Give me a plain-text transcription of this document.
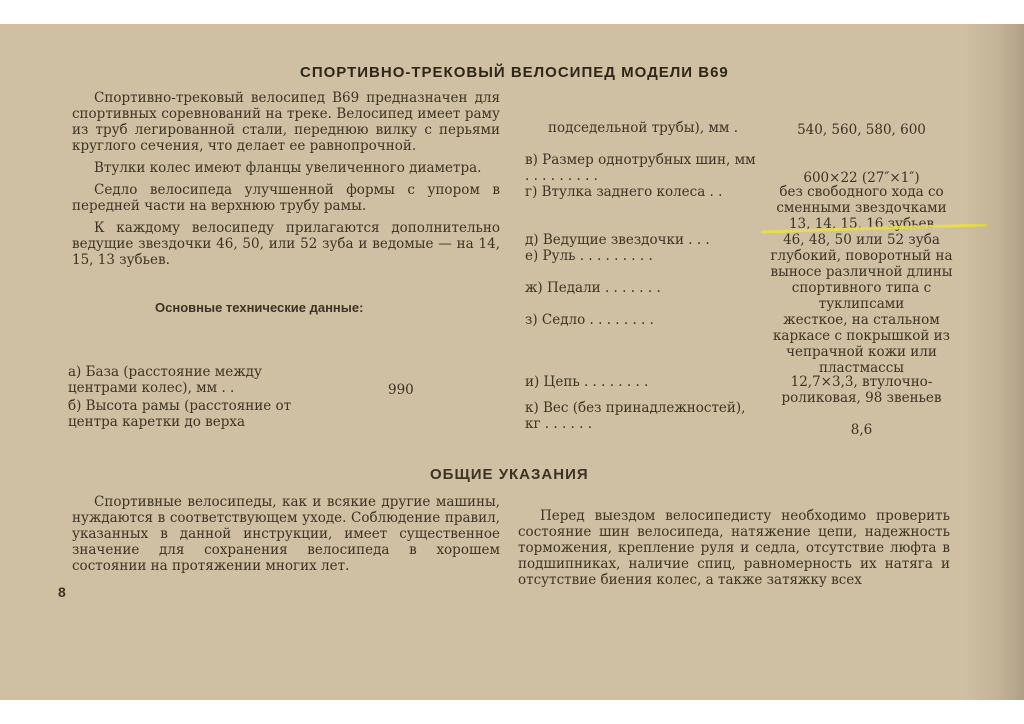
СПОРТИВНО-ТРЕКОВЫЙ ВЕЛОСИПЕД МОДЕЛИ В69

Спортивно-трековый велосипед В69 предназначен для спортивных соревнований на треке. Велосипед имеет раму из труб легированной стали, переднюю вилку с перьями круглого сечения, что делает ее равнопрочной.

Втулки колес имеют фланцы увеличенного диаметра.

Седло велосипеда улучшенной формы с упором в передней части на верхнюю трубу рамы.

К каждому велосипеду прилагаются дополнительно ведущие звездочки 46, 50, или 52 зуба и ведомые — на 14, 15, 13 зубьев.

Основные технические данные:
а) База (расстояние между центрами колес), мм . .	990
б) Высота рамы (расстояние от центра каретки до верха
подседельной трубы), мм .	540, 560, 580, 600
в) Размер однотрубных шин, мм . . . . . . . . .	600×22 (27″×1″)
г) Втулка заднего колеса . .	без свободного хода со сменными звездочками 13, 14, 15, 16 зубьев
д) Ведущие звездочки . . .	46, 48, 50 или 52 зуба
е) Руль . . . . . . . . .	глубокий, поворотный на выносе различной длины
ж) Педали . . . . . . .	спортивного типа с туклипсами
з) Седло . . . . . . . .	жесткое, на стальном каркасе с покрышкой из чепрачной кожи или пластмассы
и) Цепь . . . . . . . .	12,7×3,3, втулочно-роликовая, 98 звеньев
к) Вес (без принадлежностей), кг . . . . . .	8,6
ОБЩИЕ УКАЗАНИЯ

Спортивные велосипеды, как и всякие другие машины, нуждаются в соответствующем уходе. Соблюдение правил, указанных в данной инструкции, имеет существенное значение для сохранения велосипеда в хорошем состоянии на протяжении многих лет.

Перед выездом велосипедисту необходимо проверить состояние шин велосипеда, натяжение цепи, надежность торможения, крепление руля и седла, отсутствие люфта в подшипниках, наличие спиц, равномерность их натяга и отсутствие биения колес, а также затяжку всех

8
